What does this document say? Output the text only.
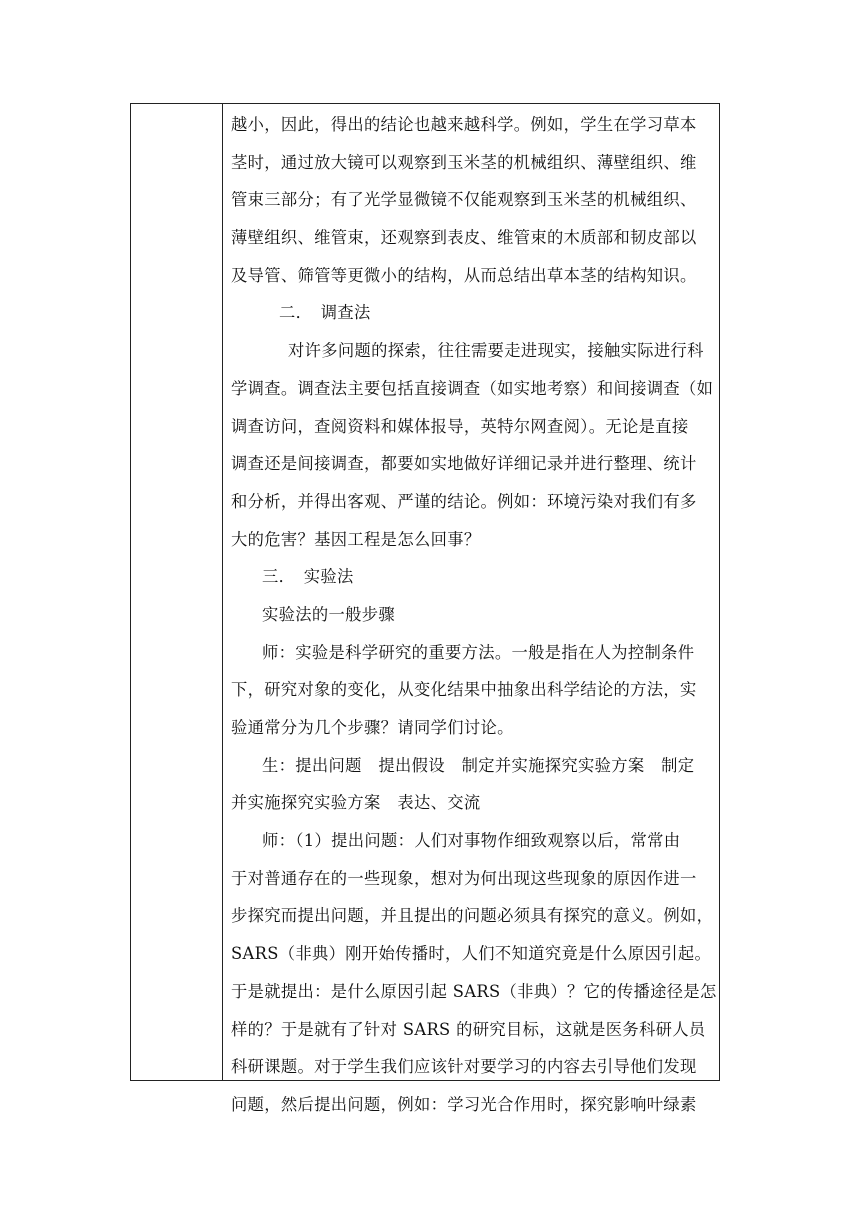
越小，因此，得出的结论也越来越科学。例如，学生在学习草本
茎时，通过放大镜可以观察到玉米茎的机械组织、薄壁组织、维
管束三部分；有了光学显微镜不仅能观察到玉米茎的机械组织、
薄壁组织、维管束，还观察到表皮、维管束的木质部和韧皮部以
及导管、筛管等更微小的结构，从而总结出草本茎的结构知识。
二．　调查法
对许多问题的探索，往往需要走进现实，接触实际进行科
学调查。调查法主要包括直接调查（如实地考察）和间接调查（如
调查访问，查阅资料和媒体报导，英特尔网查阅）。无论是直接
调查还是间接调查，都要如实地做好详细记录并进行整理、统计
和分析，并得出客观、严谨的结论。例如：环境污染对我们有多
大的危害？基因工程是怎么回事？
三．　实验法
实验法的一般步骤
师：实验是科学研究的重要方法。一般是指在人为控制条件
下，研究对象的变化，从变化结果中抽象出科学结论的方法，实
验通常分为几个步骤？请同学们讨论。
生：提出问题　提出假设　制定并实施探究实验方案　制定
并实施探究实验方案　表达、交流
师：（1）提出问题：人们对事物作细致观察以后，常常由
于对普通存在的一些现象，想对为何出现这些现象的原因作进一
步探究而提出问题，并且提出的问题必须具有探究的意义。例如，
SARS（非典）刚开始传播时，人们不知道究竟是什么原因引起。
于是就提出：是什么原因引起 SARS（非典）？它的传播途径是怎
样的？于是就有了针对 SARS 的研究目标，这就是医务科研人员
科研课题。对于学生我们应该针对要学习的内容去引导他们发现
问题，然后提出问题，例如：学习光合作用时，探究影响叶绿素
